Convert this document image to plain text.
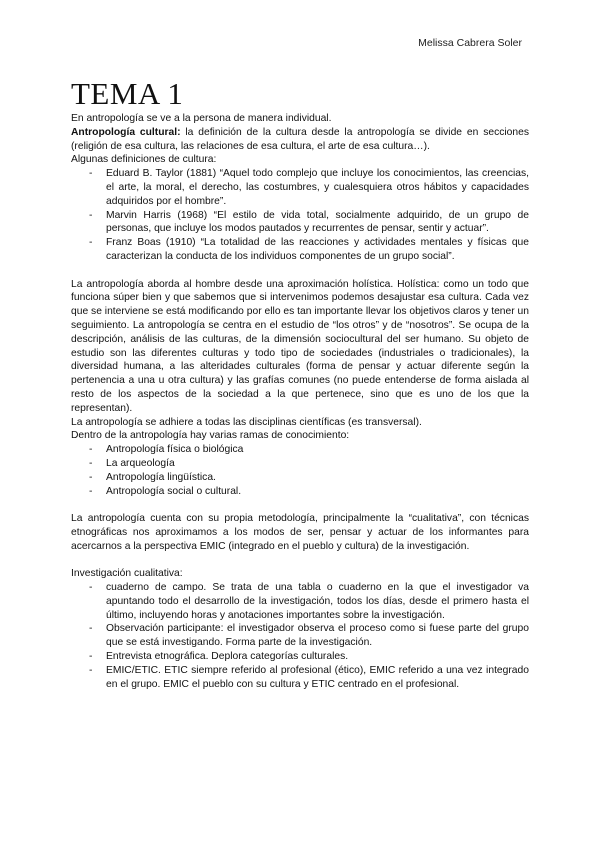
Melissa Cabrera Soler
TEMA 1

En antropología se ve a la persona de manera individual.

Antropología cultural: la definición de la cultura desde la antropología se divide en secciones (religión de esa cultura, las relaciones de esa cultura, el arte de esa cultura…).

Algunas definiciones de cultura:

- Eduard B. Taylor (1881) “Aquel todo complejo que incluye los conocimientos, las creencias, el arte, la moral, el derecho, las costumbres, y cualesquiera otros hábitos y capacidades adquiridos por el hombre”.
- Marvin Harris (1968) “El estilo de vida total, socialmente adquirido, de un grupo de personas, que incluye los modos pautados y recurrentes de pensar, sentir y actuar”.
- Franz Boas (1910) “La totalidad de las reacciones y actividades mentales y físicas que caracterizan la conducta de los individuos componentes de un grupo social”.

La antropología aborda al hombre desde una aproximación holística. Holística: como un todo que funciona súper bien y que sabemos que si intervenimos podemos desajustar esa cultura. Cada vez que se interviene se está modificando por ello es tan importante llevar los objetivos claros y tener un seguimiento. La antropología se centra en el estudio de “los otros” y de “nosotros”. Se ocupa de la descripción, análisis de las culturas, de la dimensión sociocultural del ser humano. Su objeto de estudio son las diferentes culturas y todo tipo de sociedades (industriales o tradicionales), la diversidad humana, a las alteridades culturales (forma de pensar y actuar diferente según la pertenencia a una u otra cultura) y las grafías comunes (no puede entenderse de forma aislada al resto de los aspectos de la sociedad a la que pertenece, sino que es uno de los que la representan).

La antropología se adhiere a todas las disciplinas científicas (es transversal).

Dentro de la antropología hay varias ramas de conocimiento:

- Antropología física o biológica
- La arqueología
- Antropología lingüística.
- Antropología social o cultural.

La antropología cuenta con su propia metodología, principalmente la “cualitativa”, con técnicas etnográficas nos aproximamos a los modos de ser, pensar y actuar de los informantes para acercarnos a la perspectiva EMIC (integrado en el pueblo y cultura) de la investigación.

Investigación cualitativa:

- cuaderno de campo. Se trata de una tabla o cuaderno en la que el investigador va apuntando todo el desarrollo de la investigación, todos los días, desde el primero hasta el último, incluyendo horas y anotaciones importantes sobre la investigación.
- Observación participante: el investigador observa el proceso como si fuese parte del grupo que se está investigando. Forma parte de la investigación.
- Entrevista etnográfica. Deplora categorías culturales.
- EMIC/ETIC. ETIC siempre referido al profesional (ético), EMIC referido a una vez integrado en el grupo. EMIC el pueblo con su cultura y ETIC centrado en el profesional.
